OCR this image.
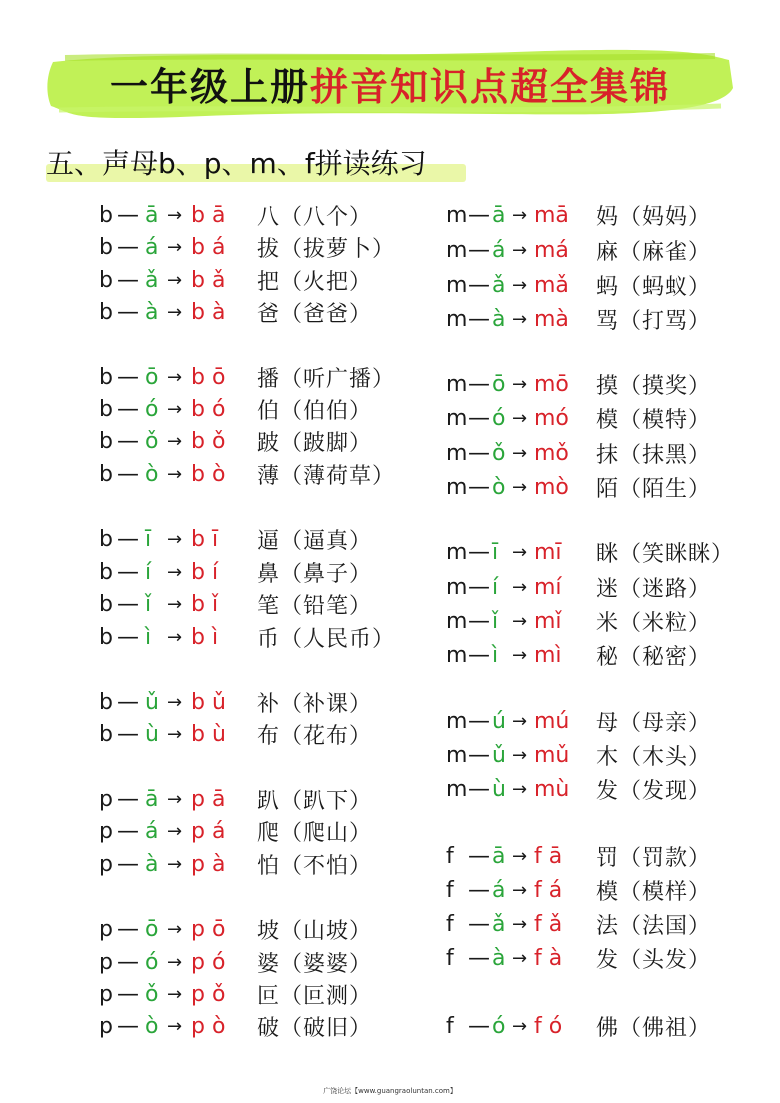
一年级上册 拼音知识点超全集锦
五、声母b、p、m、f拼读练习
b — ā → b ā	八（八个）
b — á → b á	拔（拔萝卜）
b — ǎ → b ǎ	把（火把）
b — à → b à	爸（爸爸）
b — ō → b ō	播（听广播）
b — ó → b ó	伯（伯伯）
b — ǒ → b ǒ	跛（跛脚）
b — ò → b ò	薄（薄荷草）
b — ī → b ī	逼（逼真）
b — í → b í	鼻（鼻子）
b — ǐ → b ǐ	笔（铅笔）
b — ì → b ì	币（人民币）
b — ǔ → b ǔ	补（补课）
b — ù → b ù	布（花布）
p — ā → p ā	趴（趴下）
p — á → p á	爬（爬山）
p — à → p à	怕（不怕）
p — ō → p ō	坡（山坡）
p — ó → p ó	婆（婆婆）
p — ǒ → p ǒ	叵（叵测）
p — ò → p ò	破（破旧）
m — ā → mā	妈（妈妈）
m — á → má	麻（麻雀）
m — ǎ → mǎ	蚂（蚂蚁）
m — à → mà	骂（打骂）
m — ō → mō	摸（摸奖）
m — ó → mó	模（模特）
m — ǒ → mǒ	抹（抹黑）
m — ò → mò	陌（陌生）
m — ī → mī	眯（笑眯眯）
m — í → mí	迷（迷路）
m — ǐ → mǐ	米（米粒）
m — ì → mì	秘（秘密）
m — ú → mú	母（母亲）
m — ǔ → mǔ	木（木头）
m — ù → mù	发（发现）
f — ā → f ā	罚（罚款）
f — á → f á	模（模样）
f — ǎ → f ǎ	法（法国）
f — à → f à	发（头发）
f — ó → f ó	佛（佛祖）
广饶论坛【www.guangraoluntan.com】
